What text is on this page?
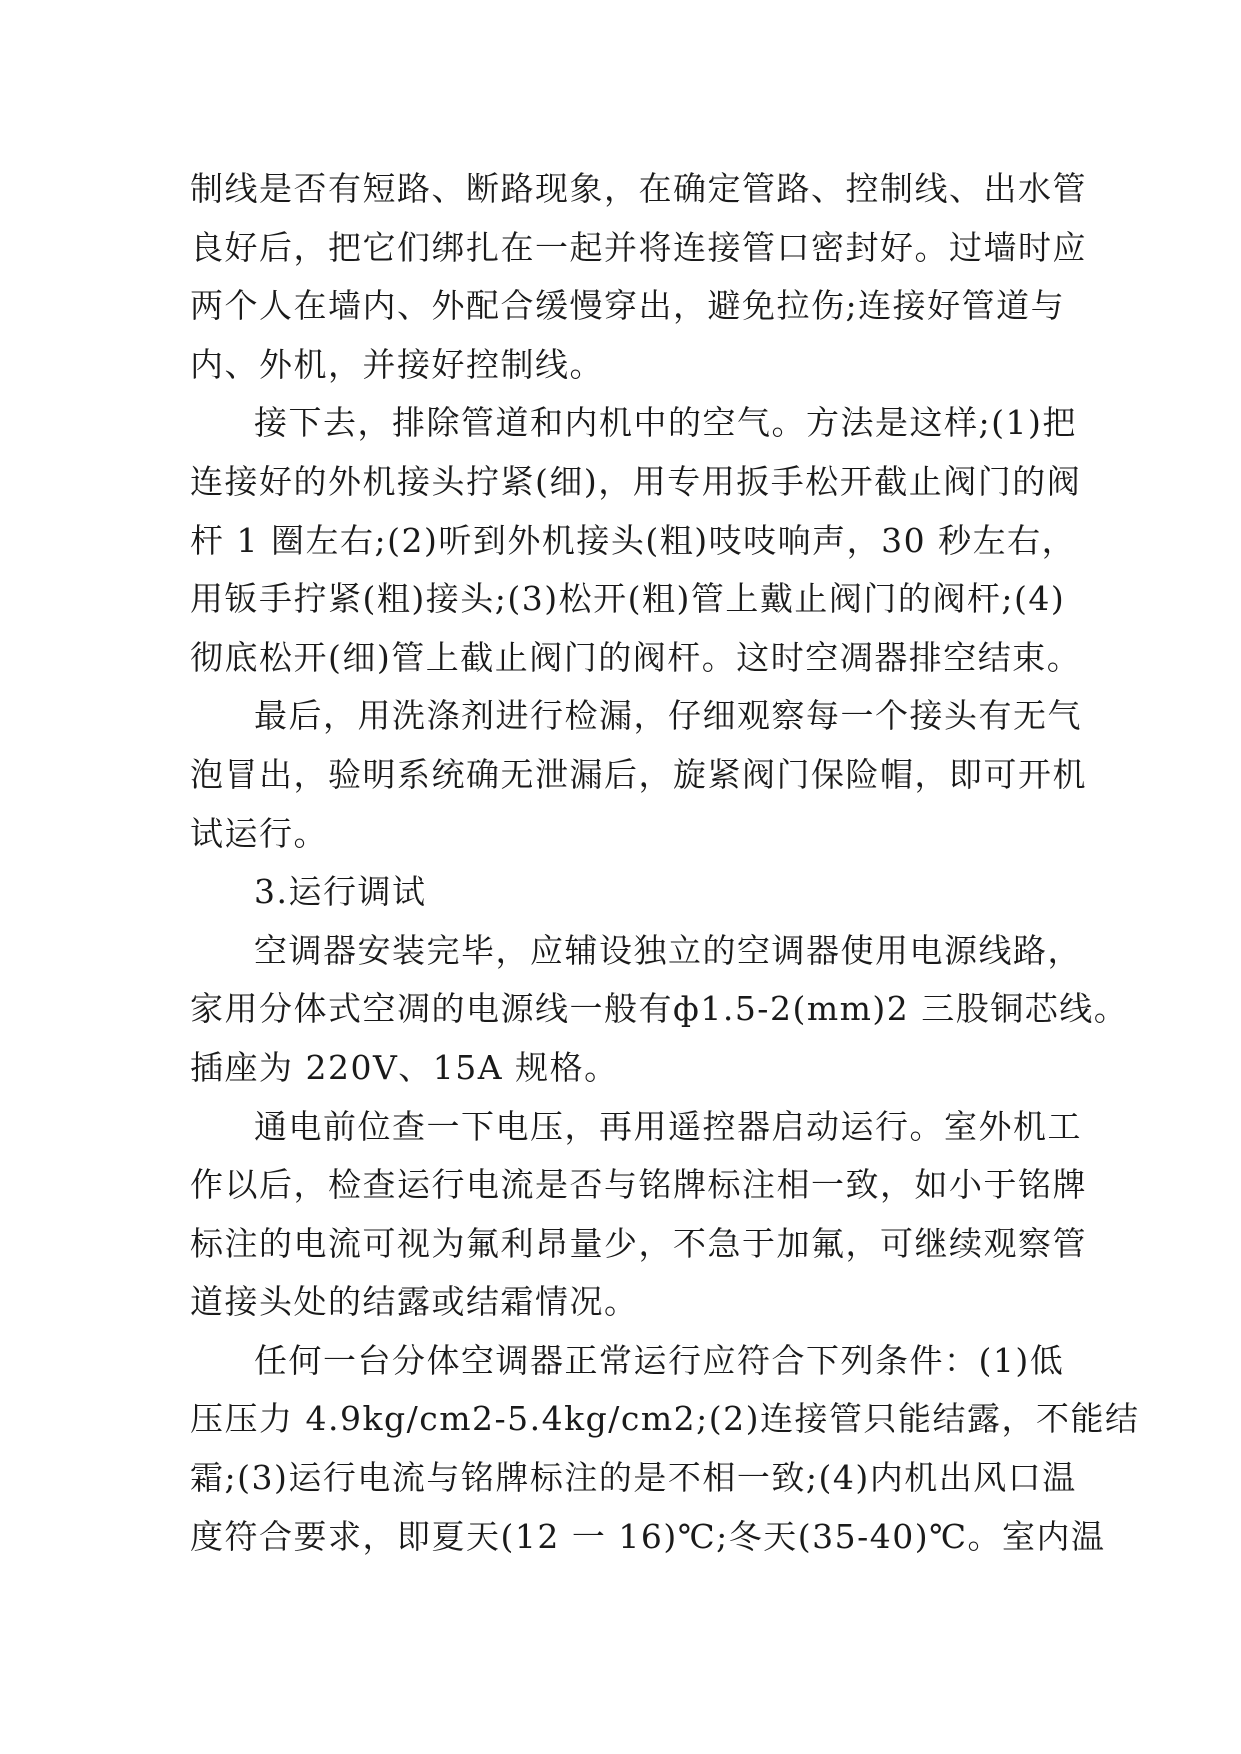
制线是否有短路、断路现象，在确定管路、控制线、出水管
良好后，把它们绑扎在一起并将连接管口密封好。过墙时应
两个人在墙内、外配合缓慢穿出，避免拉伤;连接好管道与
内、外机，并接好控制线。
接下去，排除管道和内机中的空气。方法是这样;(1)把
连接好的外机接头拧紧(细)，用专用扳手松开截止阀门的阀
杆 1 圈左右;(2)听到外机接头(粗)吱吱响声，30 秒左右，
用钣手拧紧(粗)接头;(3)松开(粗)管上戴止阀门的阀杆;(4)
彻底松开(细)管上截止阀门的阀杆。这时空凋器排空结束。
最后，用洗涤剂进行检漏，仔细观察每一个接头有无气
泡冒出，验明系统确无泄漏后，旋紧阀门保险帽，即可开机
试运行。
3.运行调试
空调器安装完毕，应辅设独立的空调器使用电源线路，
家用分体式空凋的电源线一般有ф1.5-2(mm)2 三股铜芯线。
插座为 220V、15A 规格。
通电前位查一下电压，再用遥控器启动运行。室外机工
作以后，检查运行电流是否与铭牌标注相一致，如小于铭牌
标注的电流可视为氟利昂量少，不急于加氟，可继续观察管
道接头处的结露或结霜情况。
任何一台分体空调器正常运行应符合下列条件：(1)低
压压力 4.9kg/cm2-5.4kg/cm2;(2)连接管只能结露，不能结
霜;(3)运行电流与铭牌标注的是不相一致;(4)内机出风口温
度符合要求，即夏天(12 一 16)℃;冬天(35-40)℃。室内温
